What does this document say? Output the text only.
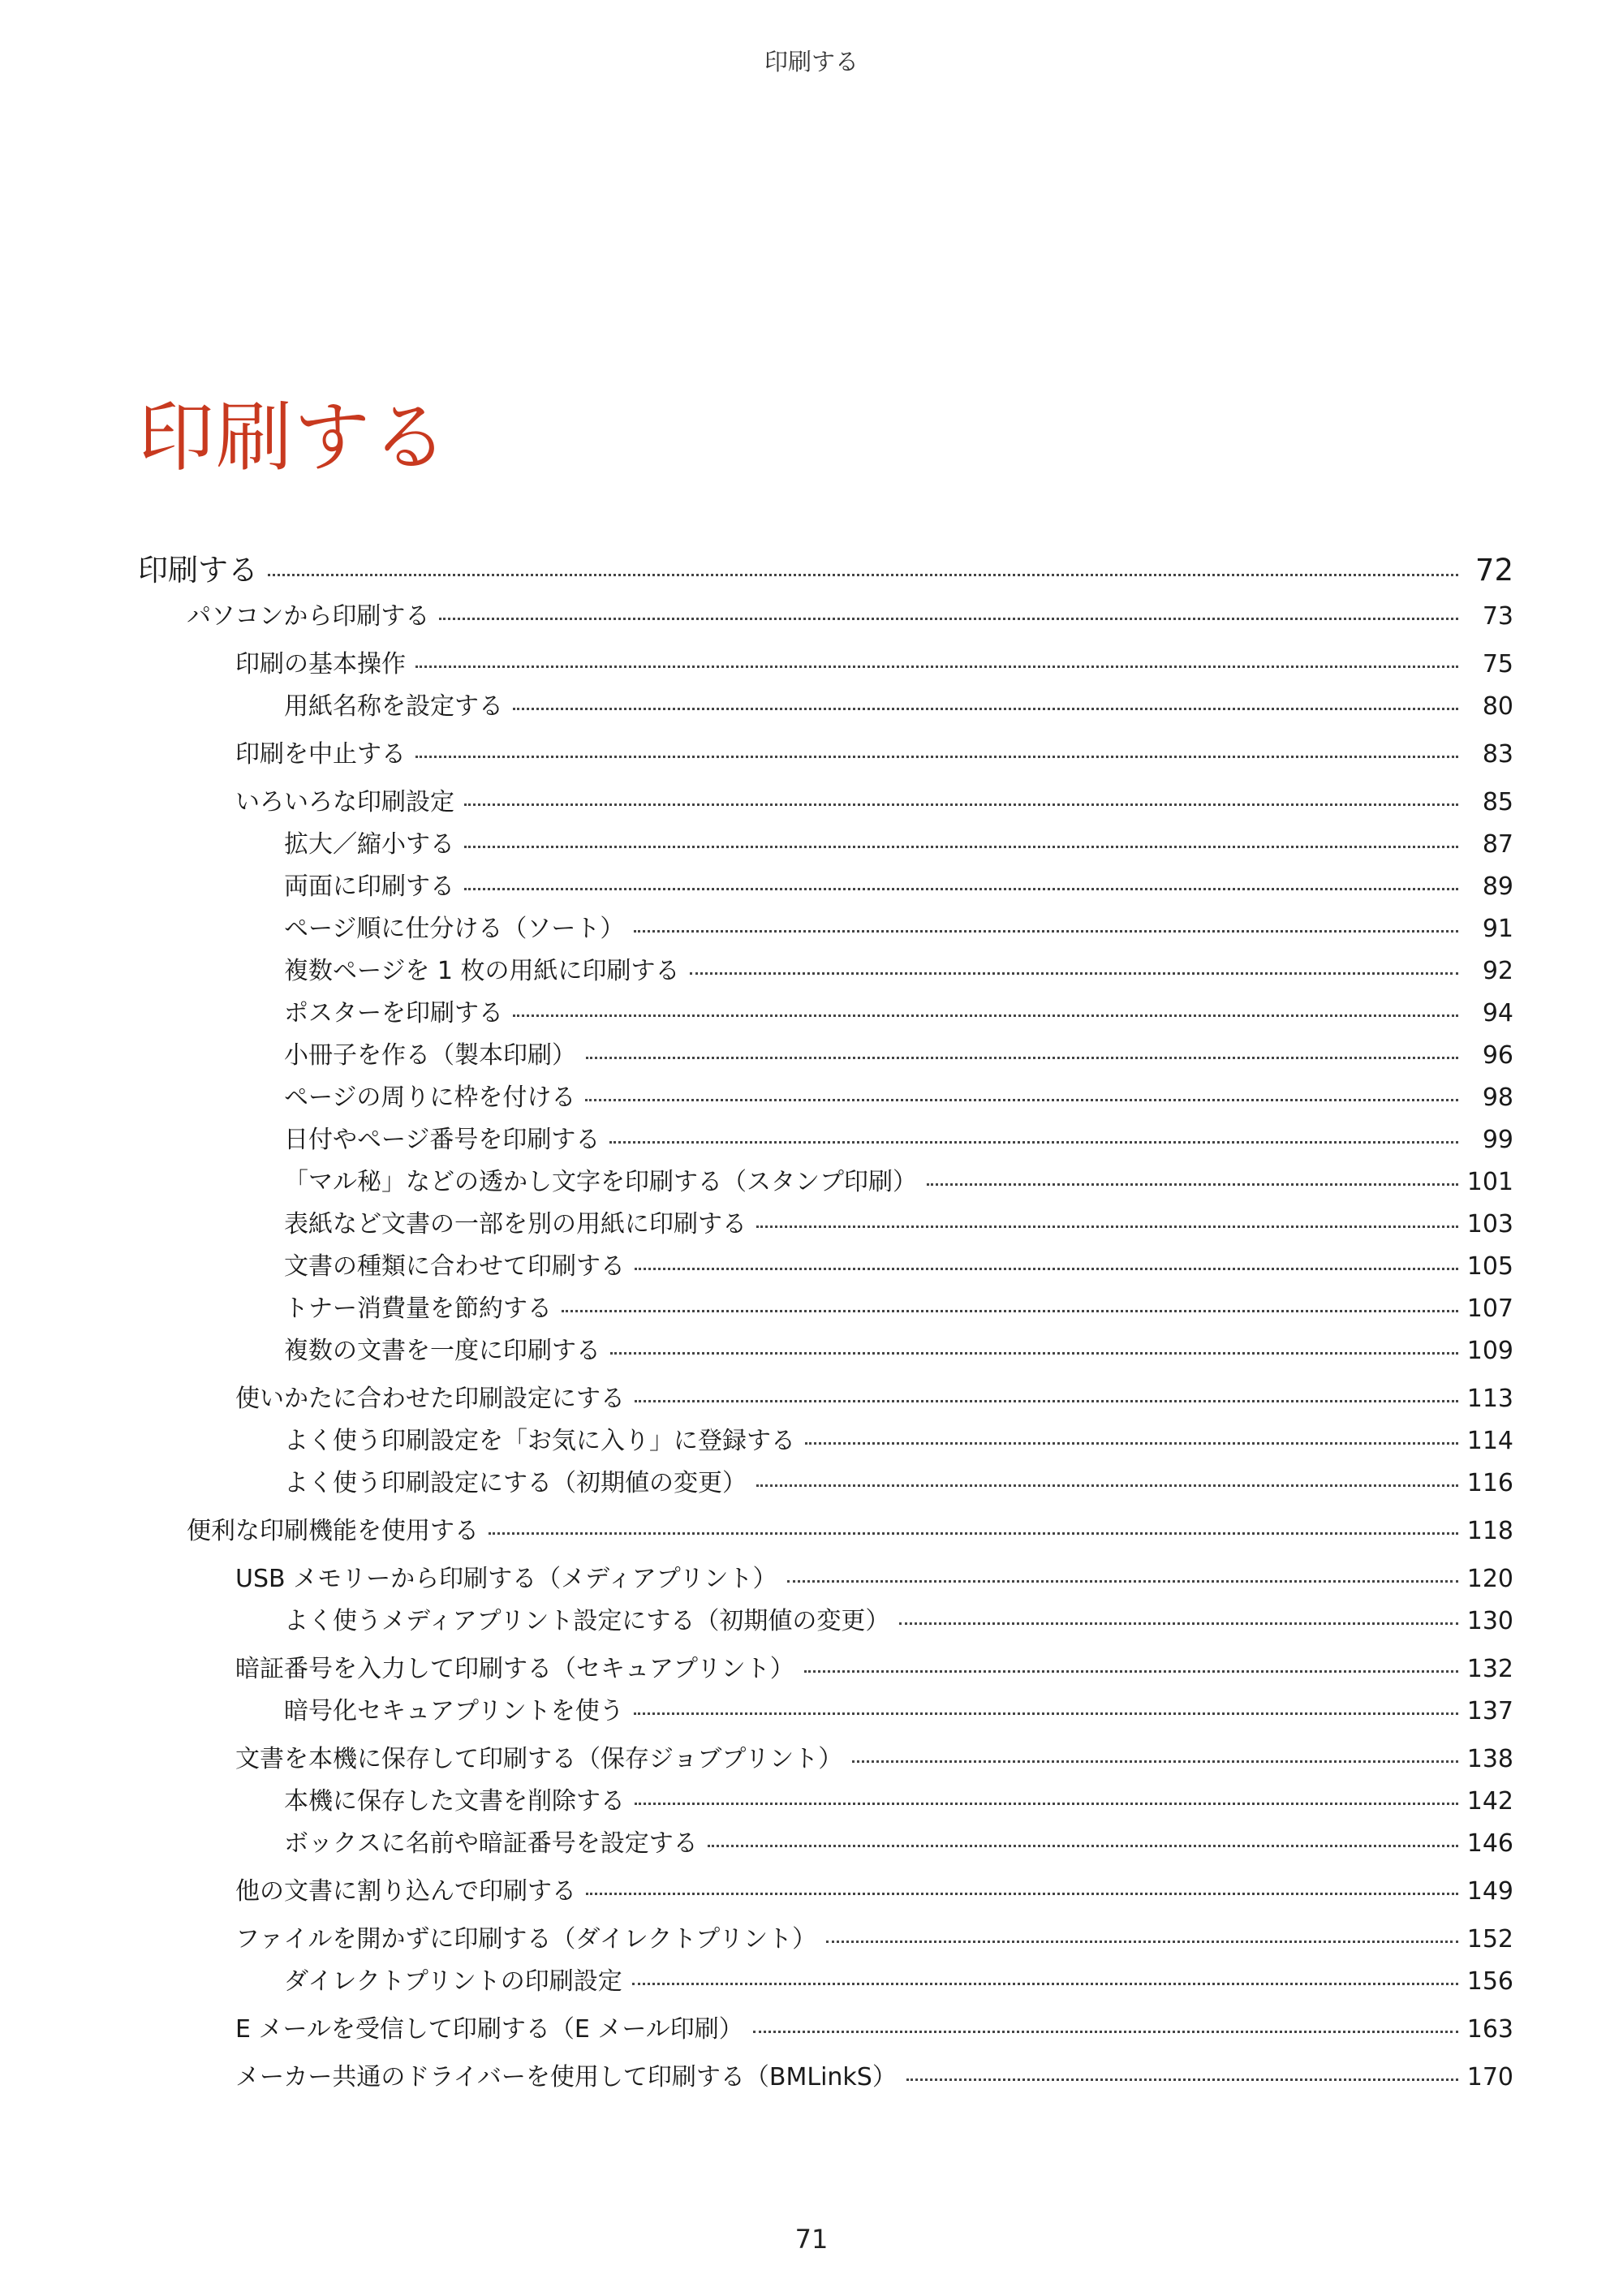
印刷する
印刷する
印刷する	72
パソコンから印刷する	73
印刷の基本操作	75
用紙名称を設定する	80
印刷を中止する	83
いろいろな印刷設定	85
拡大／縮小する	87
両面に印刷する	89
ページ順に仕分ける（ソート）	91
複数ページを 1 枚の用紙に印刷する	92
ポスターを印刷する	94
小冊子を作る（製本印刷）	96
ページの周りに枠を付ける	98
日付やページ番号を印刷する	99
「マル秘」などの透かし文字を印刷する（スタンプ印刷）	101
表紙など文書の一部を別の用紙に印刷する	103
文書の種類に合わせて印刷する	105
トナー消費量を節約する	107
複数の文書を一度に印刷する	109
使いかたに合わせた印刷設定にする	113
よく使う印刷設定を「お気に入り」に登録する	114
よく使う印刷設定にする（初期値の変更）	116
便利な印刷機能を使用する	118
USB メモリーから印刷する（メディアプリント）	120
よく使うメディアプリント設定にする（初期値の変更）	130
暗証番号を入力して印刷する（セキュアプリント）	132
暗号化セキュアプリントを使う	137
文書を本機に保存して印刷する（保存ジョブプリント）	138
本機に保存した文書を削除する	142
ボックスに名前や暗証番号を設定する	146
他の文書に割り込んで印刷する	149
ファイルを開かずに印刷する（ダイレクトプリント）	152
ダイレクトプリントの印刷設定	156
E メールを受信して印刷する（E メール印刷）	163
メーカー共通のドライバーを使用して印刷する（BMLinkS）	170
71
